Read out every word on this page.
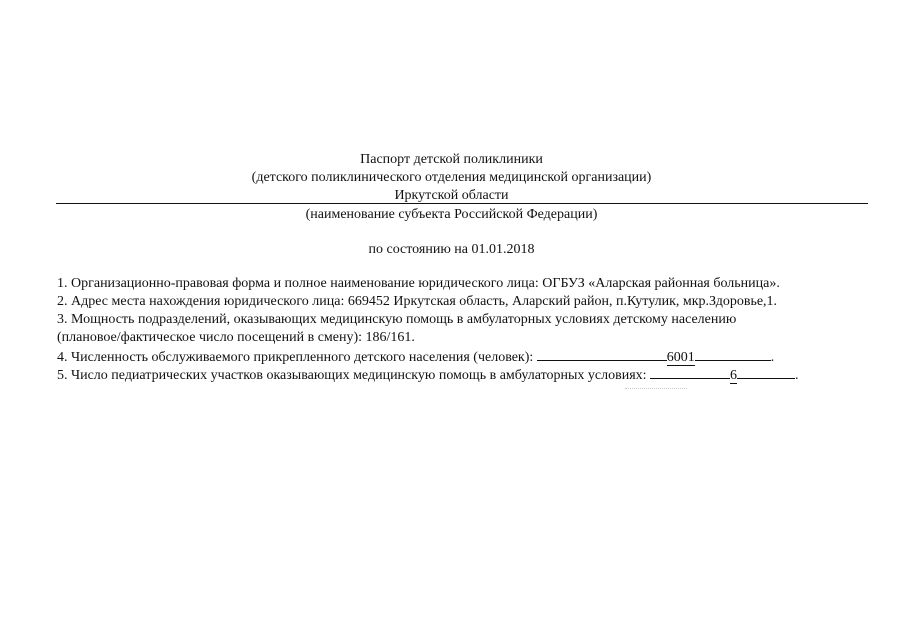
Паспорт детской поликлиники
(детского поликлинического отделения медицинской организации)
Иркутской области
(наименование субъекта Российской Федерации)
по состоянию на 01.01.2018
1. Организационно-правовая форма и полное наименование юридического лица: ОГБУЗ «Аларская районная больница».
2. Адрес места нахождения юридического лица: 669452 Иркутская область, Аларский район, п.Кутулик, мкр.Здоровье,1.
3. Мощность подразделений, оказывающих медицинскую помощь в амбулаторных условиях детскому населению
(плановое/фактическое число посещений в смену): 186/161.
4. Численность обслуживаемого прикрепленного детского населения (человек):	6001	.
5. Число педиатрических участков оказывающих медицинскую помощь в амбулаторных условиях:	6	.
